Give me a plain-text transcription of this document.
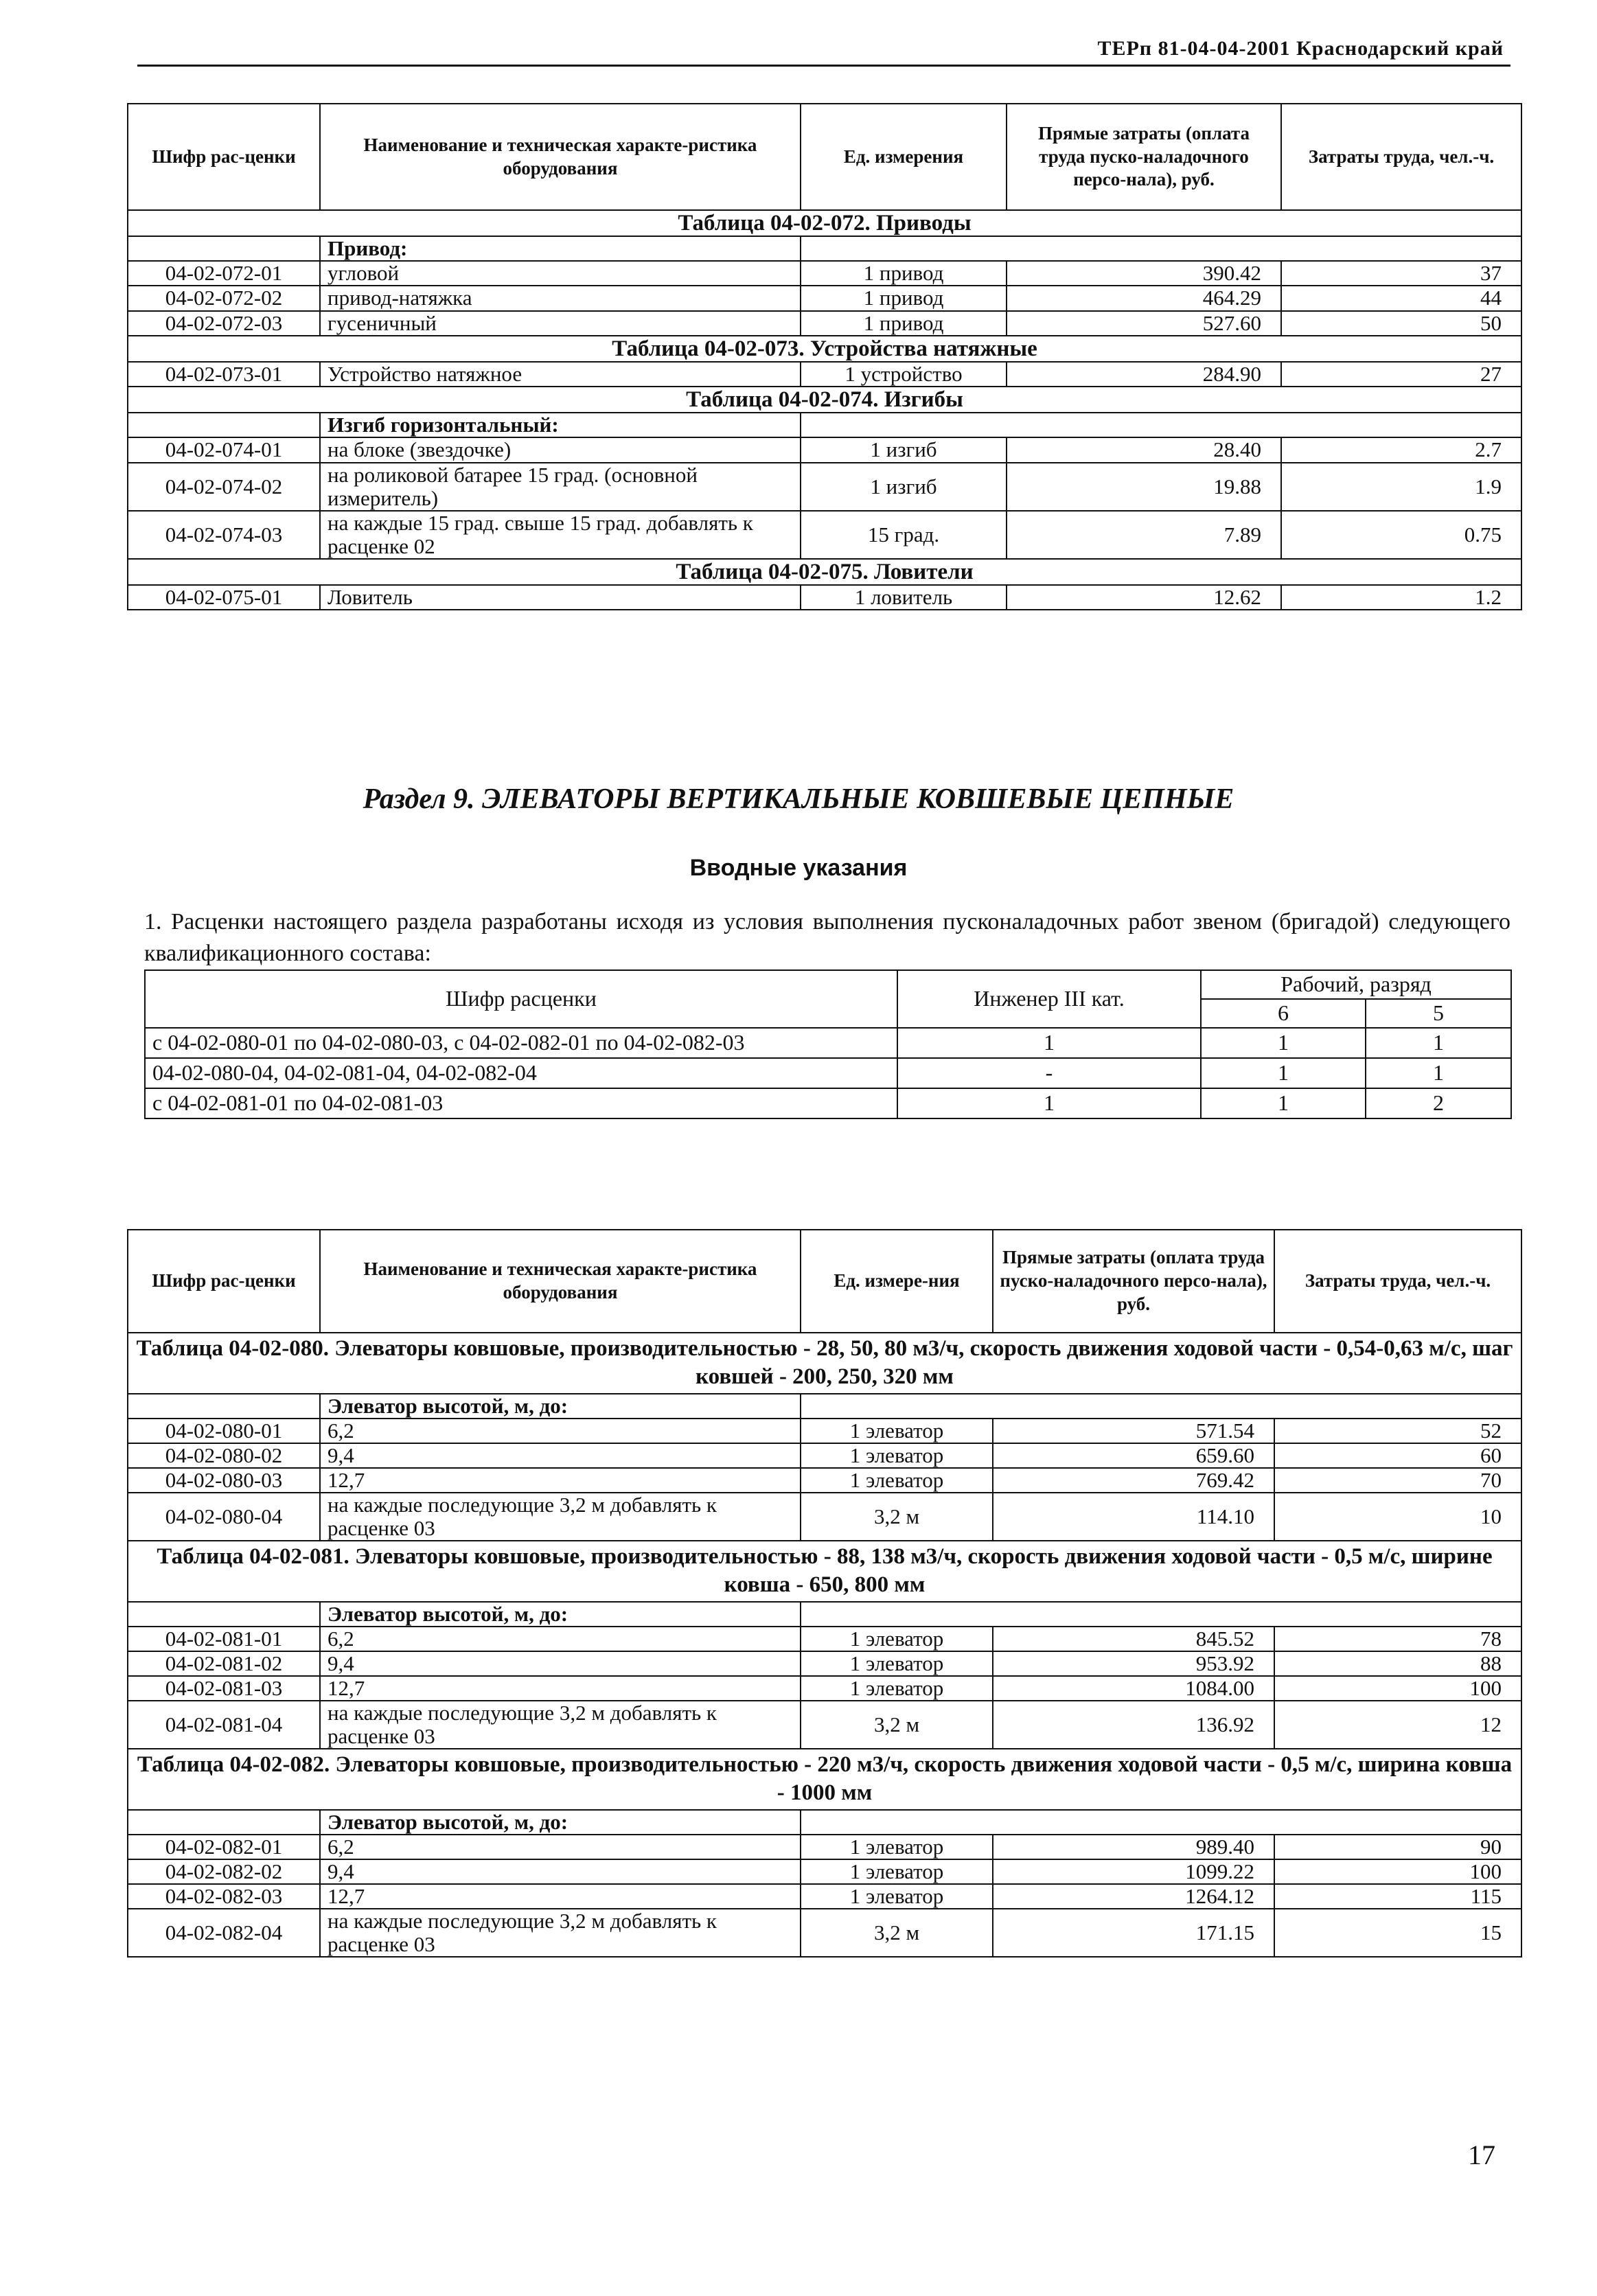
ТЕРп 81-04-04-2001 Краснодарский край
Шифр рас-ценки	Наименование и техническая характе-ристика оборудования	Ед. измерения	Прямые затраты (оплата труда пуско-наладочного персо-нала), руб.	Затраты труда, чел.-ч.
Таблица 04-02-072. Приводы				
	Привод:			
04-02-072-01	угловой	1 привод	390.42	37
04-02-072-02	привод-натяжка	1 привод	464.29	44
04-02-072-03	гусеничный	1 привод	527.60	50
Таблица 04-02-073. Устройства натяжные				
04-02-073-01	Устройство натяжное	1 устройство	284.90	27
Таблица 04-02-074. Изгибы				
	Изгиб горизонтальный:			
04-02-074-01	на блоке (звездочке)	1 изгиб	28.40	2.7
04-02-074-02	на роликовой батарее 15 град. (основной измеритель)	1 изгиб	19.88	1.9
04-02-074-03	на каждые 15 град. свыше 15 град. добавлять к расценке 02	15 град.	7.89	0.75
Таблица 04-02-075. Ловители				
04-02-075-01	Ловитель	1 ловитель	12.62	1.2
Раздел 9. ЭЛЕВАТОРЫ ВЕРТИКАЛЬНЫЕ КОВШЕВЫЕ ЦЕПНЫЕ
Вводные указания
1. Расценки настоящего раздела разработаны исходя из условия выполнения пусконаладочных работ звеном (бригадой) следующего квалификационного состава:
Шифр расценки	Инженер III кат.	Рабочий, разряд	
		6	5
с 04-02-080-01 по 04-02-080-03, с 04-02-082-01 по 04-02-082-03	1	1	1
04-02-080-04, 04-02-081-04, 04-02-082-04	-	1	1
с 04-02-081-01 по 04-02-081-03	1	1	2
Шифр рас-ценки	Наименование и техническая характе-ристика оборудования	Ед. измере-ния	Прямые затраты (оплата труда пуско-наладочного персо-нала), руб.	Затраты труда, чел.-ч.
Таблица 04-02-080. Элеваторы ковшовые, производительностью - 28, 50, 80 м3/ч, скорость движения ходовой части - 0,54-0,63 м/с, шаг ковшей - 200, 250, 320 мм				
	Элеватор высотой, м, до:			
04-02-080-01	6,2	1 элеватор	571.54	52
04-02-080-02	9,4	1 элеватор	659.60	60
04-02-080-03	12,7	1 элеватор	769.42	70
04-02-080-04	на каждые последующие 3,2 м добавлять к расценке 03	3,2 м	114.10	10
Таблица 04-02-081. Элеваторы ковшовые, производительностью - 88, 138 м3/ч, скорость движения ходовой части - 0,5 м/с, ширине ковша - 650, 800 мм				
	Элеватор высотой, м, до:			
04-02-081-01	6,2	1 элеватор	845.52	78
04-02-081-02	9,4	1 элеватор	953.92	88
04-02-081-03	12,7	1 элеватор	1084.00	100
04-02-081-04	на каждые последующие 3,2 м добавлять к расценке 03	3,2 м	136.92	12
Таблица 04-02-082. Элеваторы ковшовые, производительностью - 220 м3/ч, скорость движения ходовой части - 0,5 м/с, ширина ковша - 1000 мм				
	Элеватор высотой, м, до:			
04-02-082-01	6,2	1 элеватор	989.40	90
04-02-082-02	9,4	1 элеватор	1099.22	100
04-02-082-03	12,7	1 элеватор	1264.12	115
04-02-082-04	на каждые последующие 3,2 м добавлять к расценке 03	3,2 м	171.15	15
17
